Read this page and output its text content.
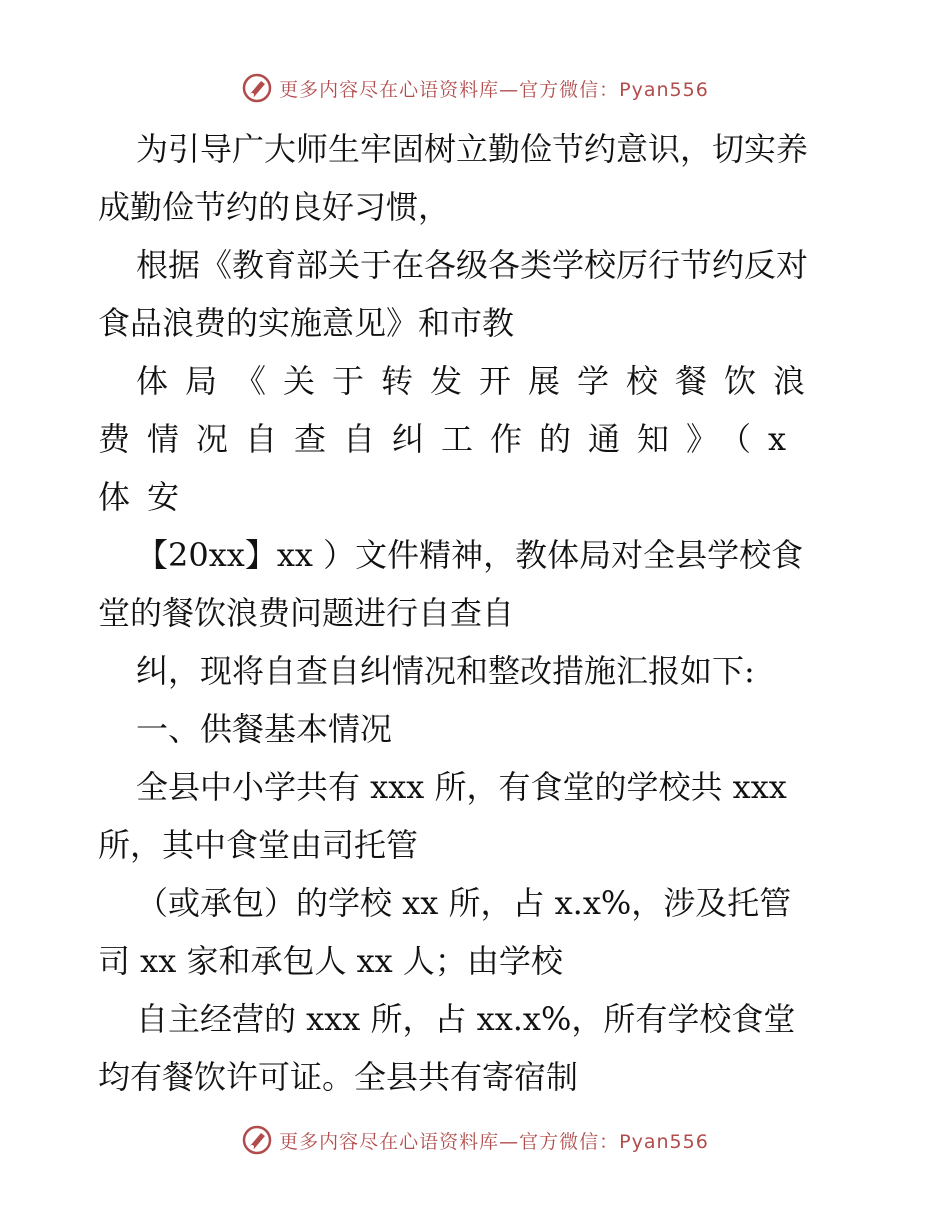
更多内容尽在心语资料库—官方微信：Pyan556
为引导广大师生牢固树立勤俭节约意识，切实养
成勤俭节约的良好习惯，
根据《教育部关于在各级各类学校厉行节约反对
食品浪费的实施意见》和市教
体局《关于转发开展学校餐饮浪
费情况自查自纠工作的通知》（x
体安
【20xx】xx ）文件精神，教体局对全县学校食
堂的餐饮浪费问题进行自查自
纠，现将自查自纠情况和整改措施汇报如下:
一、供餐基本情况
全县中小学共有 xxx 所，有食堂的学校共 xxx
所，其中食堂由司托管
（或承包）的学校 xx 所，占 x.x%，涉及托管
司 xx 家和承包人 xx 人；由学校
自主经营的 xxx 所，占 xx.x%，所有学校食堂
均有餐饮许可证。全县共有寄宿制
更多内容尽在心语资料库—官方微信：Pyan556
